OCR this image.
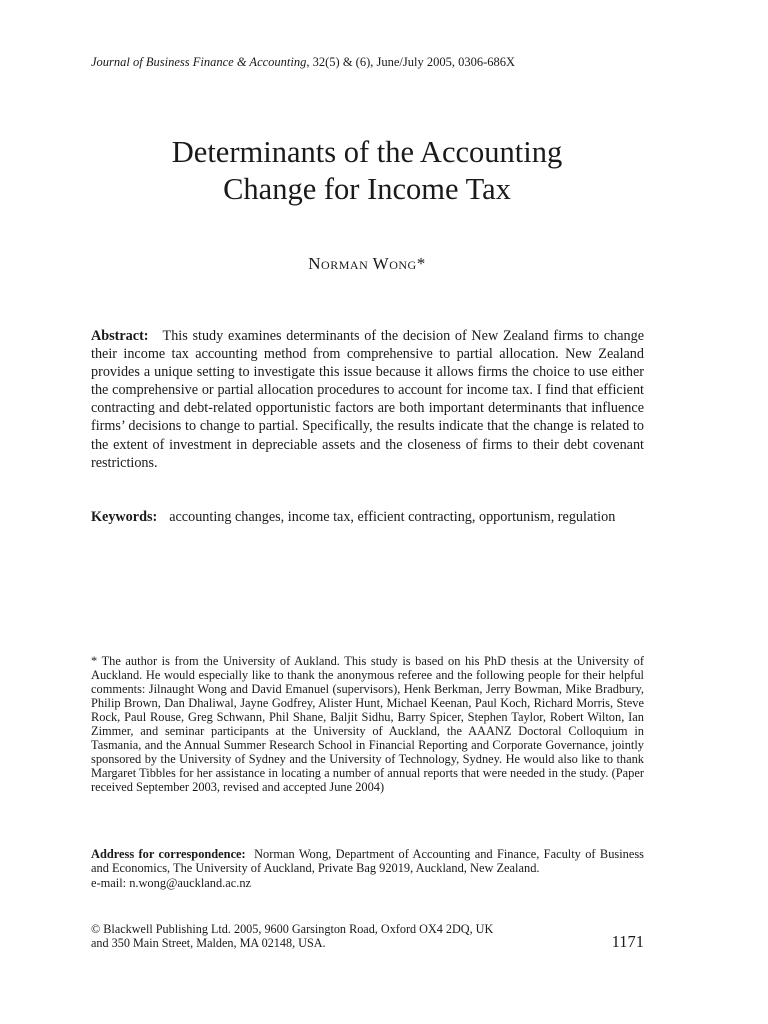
Journal of Business Finance & Accounting, 32(5) & (6), June/July 2005, 0306-686X
Determinants of the Accounting
Change for Income Tax
Norman Wong*

Abstract: This study examines determinants of the decision of New Zealand firms to change their income tax accounting method from comprehensive to partial allocation. New Zealand provides a unique setting to investigate this issue because it allows firms the choice to use either the comprehensive or partial allocation procedures to account for income tax. I find that efficient contracting and debt-related opportunistic factors are both important determinants that influence firms’ decisions to change to partial. Specifically, the results indicate that the change is related to the extent of investment in depreciable assets and the closeness of firms to their debt covenant restrictions.

Keywords: accounting changes, income tax, efficient contracting, opportunism, regulation

* The author is from the University of Aukland. This study is based on his PhD thesis at the University of Auckland. He would especially like to thank the anonymous referee and the following people for their helpful comments: Jilnaught Wong and David Emanuel (supervisors), Henk Berkman, Jerry Bowman, Mike Bradbury, Philip Brown, Dan Dhaliwal, Jayne Godfrey, Alister Hunt, Michael Keenan, Paul Koch, Richard Morris, Steve Rock, Paul Rouse, Greg Schwann, Phil Shane, Baljit Sidhu, Barry Spicer, Stephen Taylor, Robert Wilton, Ian Zimmer, and seminar participants at the University of Auckland, the AAANZ Doctoral Colloquium in Tasmania, and the Annual Summer Research School in Financial Reporting and Corporate Governance, jointly sponsored by the University of Sydney and the University of Technology, Sydney. He would also like to thank Margaret Tibbles for her assistance in locating a number of annual reports that were needed in the study. (Paper received September 2003, revised and accepted June 2004)

Address for correspondence: Norman Wong, Department of Accounting and Finance, Faculty of Business and Economics, The University of Auckland, Private Bag 92019, Auckland, New Zealand.
e-mail: n.wong@auckland.ac.nz

© Blackwell Publishing Ltd. 2005, 9600 Garsington Road, Oxford OX4 2DQ, UK
and 350 Main Street, Malden, MA 02148, USA.	1171
